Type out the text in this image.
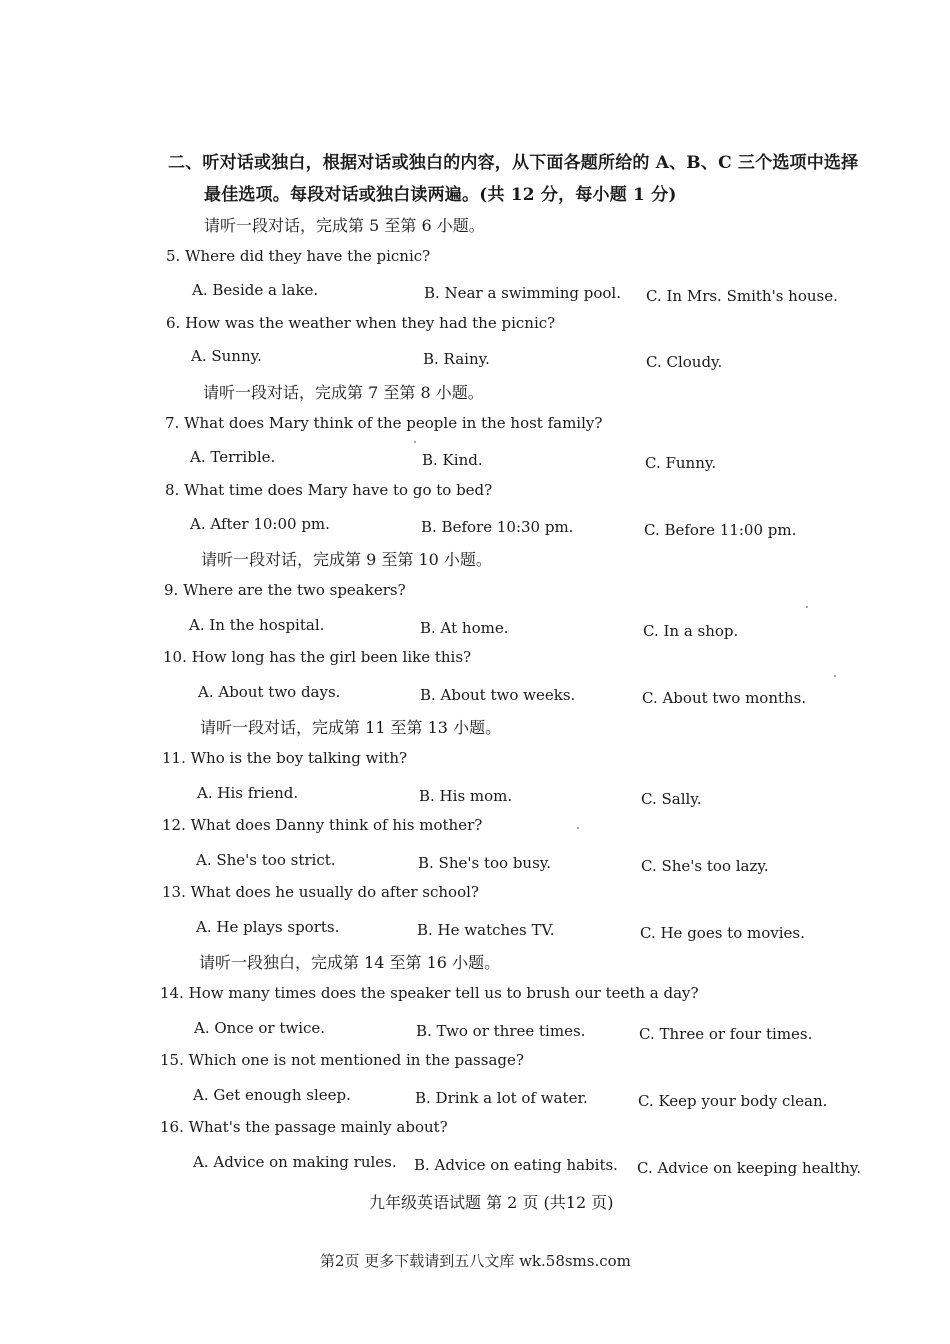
二、听对话或独白，根据对话或独白的内容，从下面各题所给的 A、B、C 三个选项中选择
最佳选项。每段对话或独白读两遍。(共 12 分，每小题 1 分)
请听一段对话，完成第 5 至第 6 小题。
5. Where did they have the picnic?
A. Beside a lake.	B. Near a swimming pool. C. In Mrs. Smith's house.
6. How was the weather when they had the picnic?
A. Sunny.	B. Rainy.	C. Cloudy.
请听一段对话，完成第 7 至第 8 小题。
7. What does Mary think of the people in the host family?
A. Terrible.	B. Kind.	C. Funny.
8. What time does Mary have to go to bed?
A. After 10:00 pm.	B. Before 10:30 pm.	C. Before 11:00 pm.
请听一段对话，完成第 9 至第 10 小题。
9. Where are the two speakers?
A. In the hospital.	B. At home.	C. In a shop.
10. How long has the girl been like this?
A. About two days.	B. About two weeks.	C. About two months.
请听一段对话，完成第 11 至第 13 小题。
11. Who is the boy talking with?
A. His friend.	B. His mom.	C. Sally.
12. What does Danny think of his mother?
A. She's too strict.	B. She's too busy.	C. She's too lazy.
13. What does he usually do after school?
A. He plays sports.	B. He watches TV.	C. He goes to movies.
请听一段独白，完成第 14 至第 16 小题。
14. How many times does the speaker tell us to brush our teeth a day?
A. Once or twice.	B. Two or three times.	C. Three or four times.
15. Which one is not mentioned in the passage?
A. Get enough sleep.	B. Drink a lot of water.	C. Keep your body clean.
16. What's the passage mainly about?
A. Advice on making rules. B. Advice on eating habits. C. Advice on keeping healthy.
九年级英语试题 第 2 页 (共12 页)
第2页 更多下载请到五八文库 wk.58sms.com
